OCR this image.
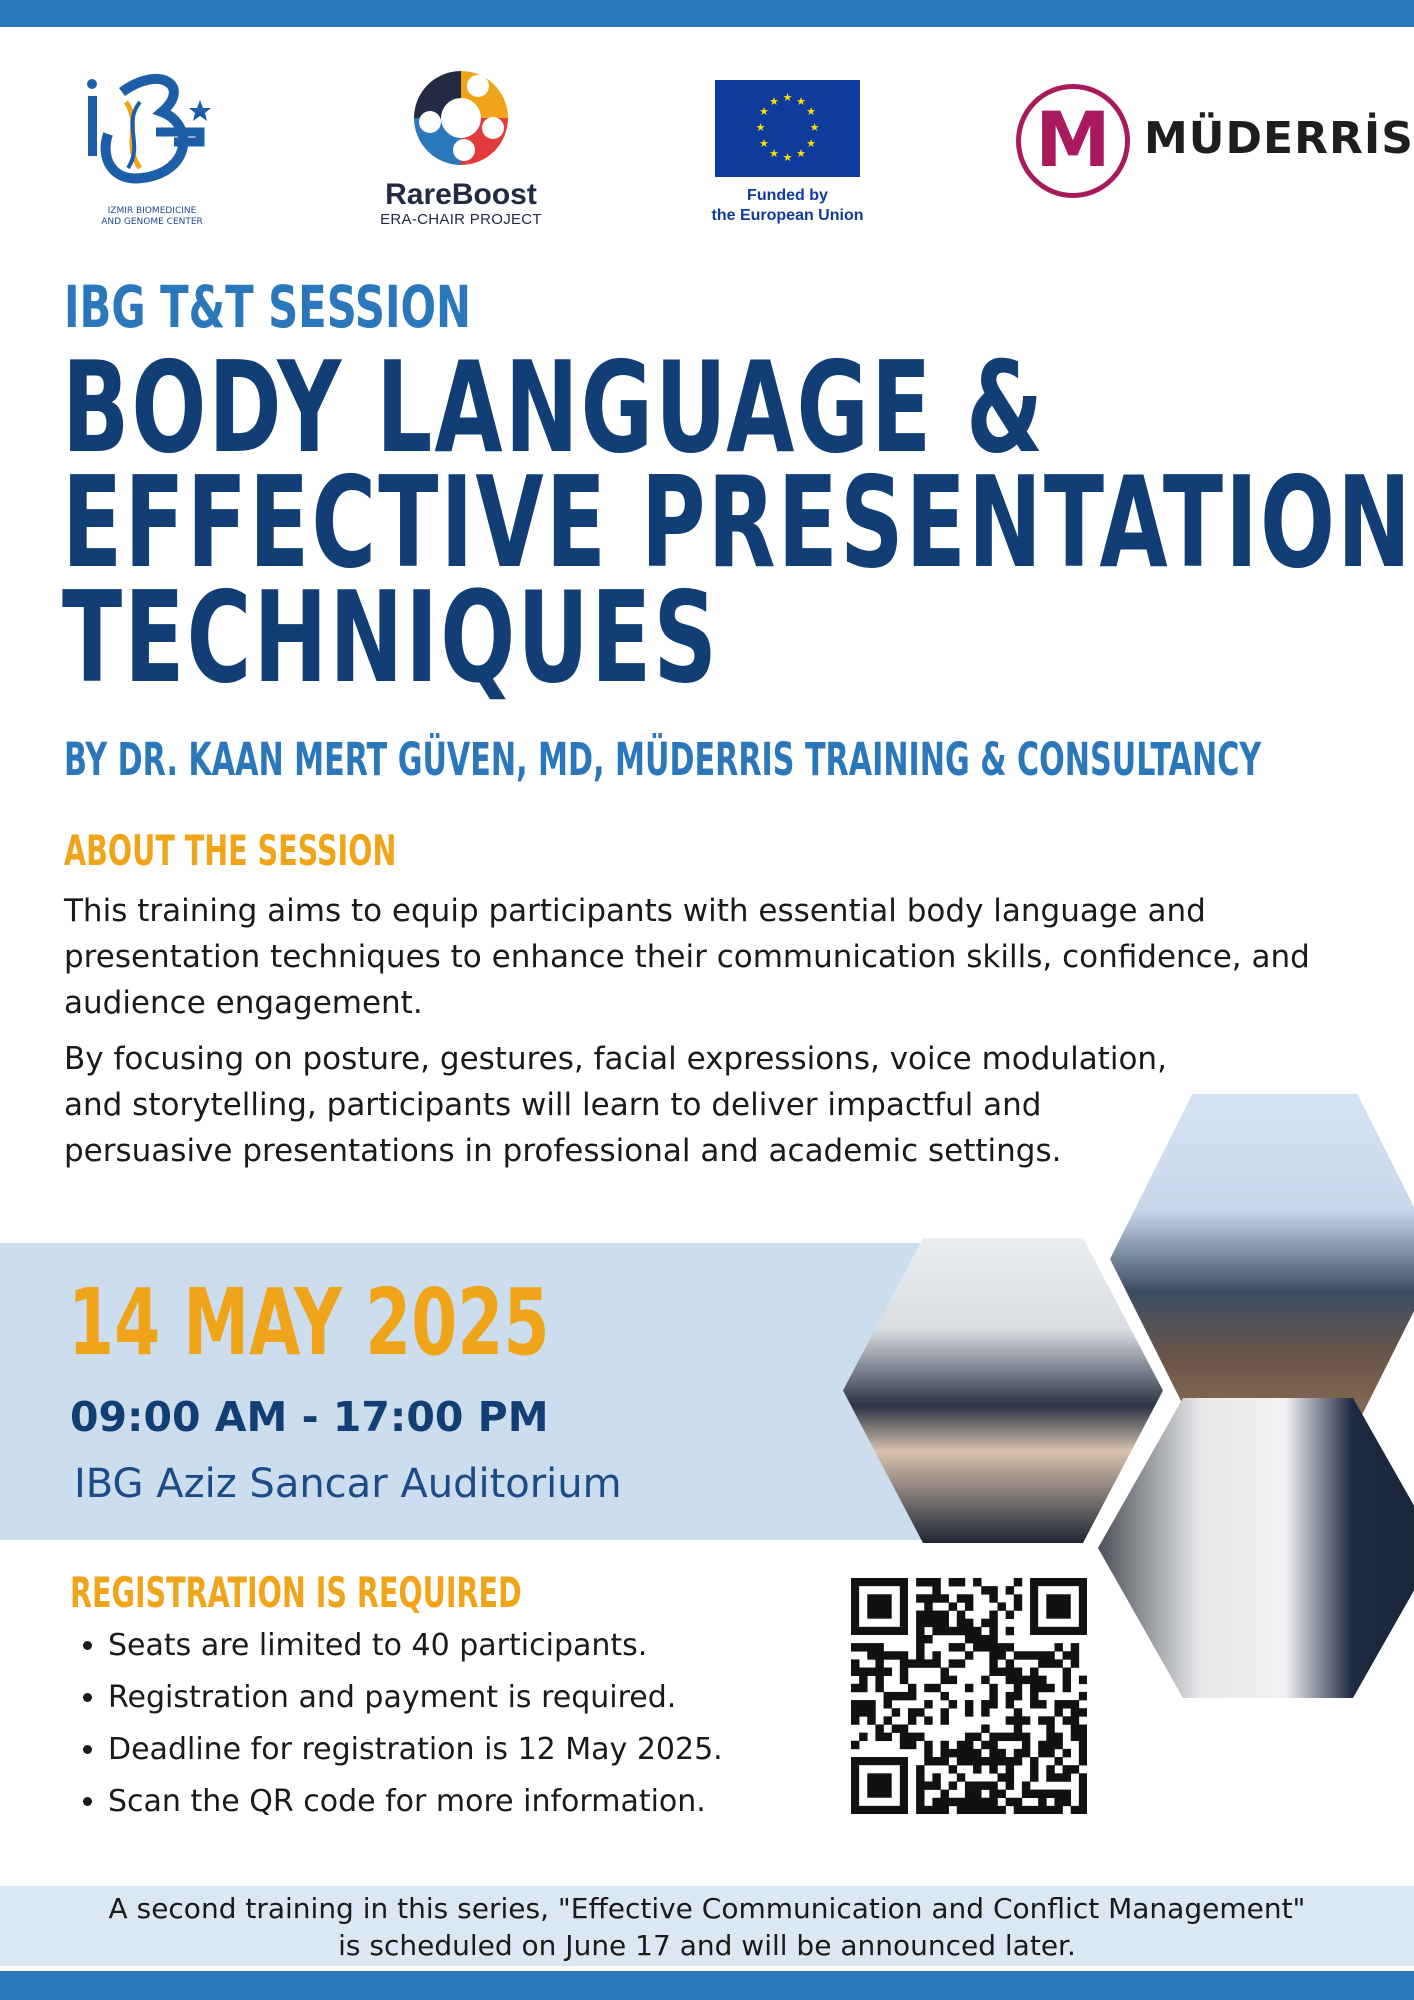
IZMIR BIOMEDICINE
AND GENOME CENTER
RareBoost
ERA-CHAIR PROJECT
★ ★
★
★
★
★
★
★
★
★
★
★
Funded by
the European Union
M MÜDERRİS
IBG T&T SESSION
BODY LANGUAGE &
EFFECTIVE PRESENTATION
TECHNIQUES
BY DR. KAAN MERT GÜVEN, MD, MÜDERRIS TRAINING & CONSULTANCY
ABOUT THE SESSION
This training aims to equip participants with essential body language and presentation techniques to enhance their communication skills, confidence, and audience engagement.
By focusing on posture, gestures, facial expressions, voice modulation,
and storytelling, participants will learn to deliver impactful and
persuasive presentations in professional and academic settings.
14 MAY 2025
09:00 AM - 17:00 PM
IBG Aziz Sancar Auditorium
REGISTRATION IS REQUIRED
• Seats are limited to 40 participants.
• Registration and payment is required.
• Deadline for registration is 12 May 2025.
• Scan the QR code for more information.
A second training in this series, "Effective Communication and Conflict Management"
is scheduled on June 17 and will be announced later.
